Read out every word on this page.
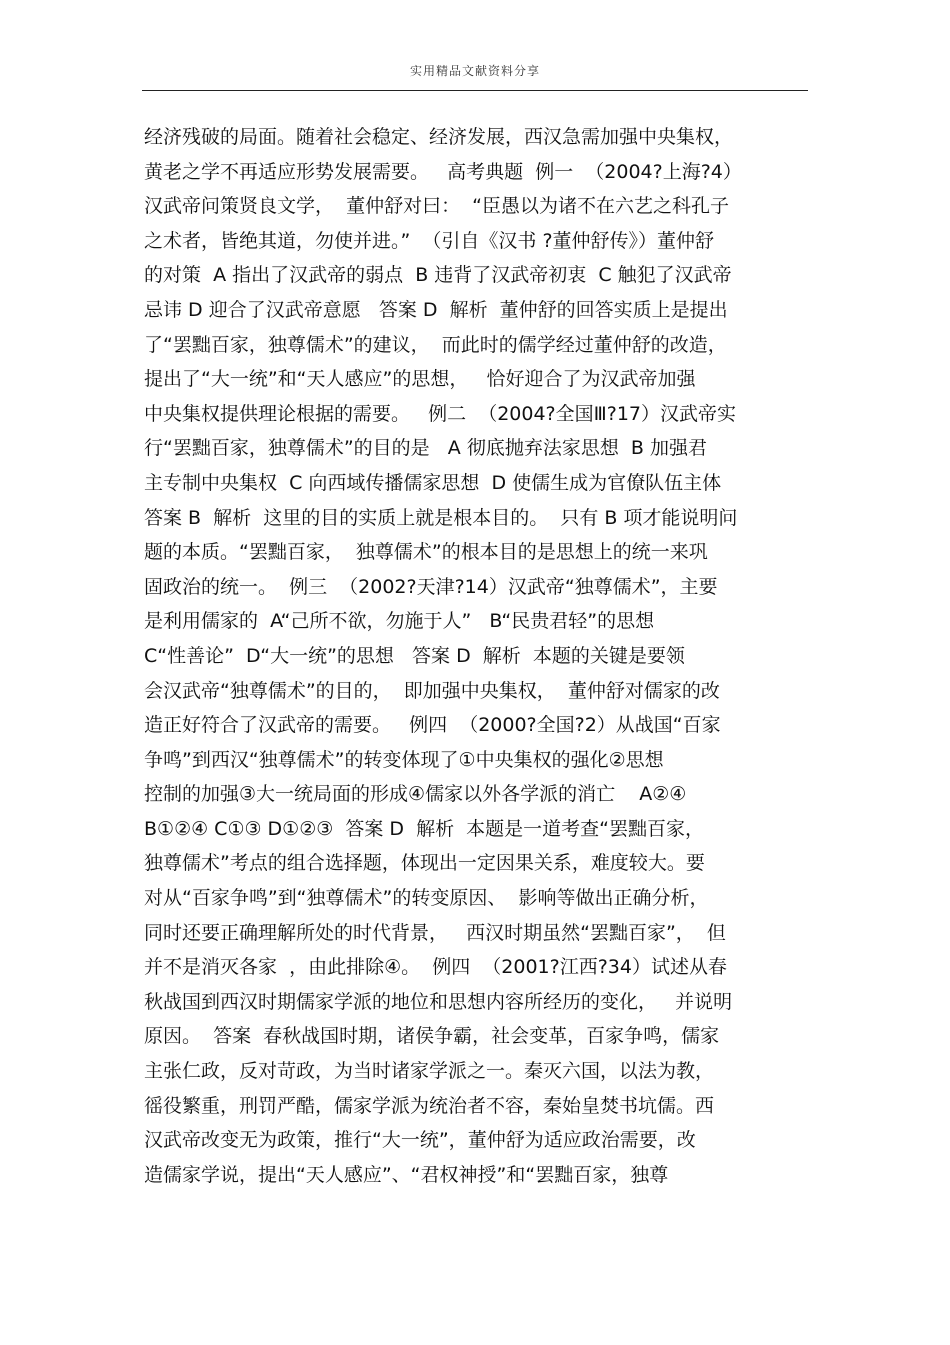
实用精品文献资料分享
经济残破的局面。随着社会稳定、经济发展，西汉急需加强中央集权，
黄老之学不再适应形势发展需要。   高考典题  例一  （2004?上海?4）
汉武帝问策贤良文学，  董仲舒对曰：  “臣愚以为诸不在六艺之科孔子
之术者，皆绝其道，勿使并进。”  （引自《汉书 ?董仲舒传》）董仲舒
的对策  A 指出了汉武帝的弱点  B 违背了汉武帝初衷  C 触犯了汉武帝
忌讳 D 迎合了汉武帝意愿   答案 D  解析  董仲舒的回答实质上是提出
了“罢黜百家，独尊儒术”的建议，  而此时的儒学经过董仲舒的改造，
提出了“大一统”和“天人感应”的思想，   恰好迎合了为汉武帝加强
中央集权提供理论根据的需要。   例二  （2004?全国Ⅲ?17）汉武帝实
行“罢黜百家，独尊儒术”的目的是   A 彻底抛弃法家思想  B 加强君
主专制中央集权  C 向西域传播儒家思想  D 使儒生成为官僚队伍主体
答案 B  解析  这里的目的实质上就是根本目的。  只有 B 项才能说明问
题的本质。“罢黜百家，  独尊儒术”的根本目的是思想上的统一来巩
固政治的统一。  例三  （2002?天津?14）汉武帝“独尊儒术”，主要
是利用儒家的  A“己所不欲，勿施于人”   B“民贵君轻”的思想
C“性善论”  D“大一统”的思想   答案 D  解析  本题的关键是要领
会汉武帝“独尊儒术”的目的，  即加强中央集权，  董仲舒对儒家的改
造正好符合了汉武帝的需要。   例四  （2000?全国?2）从战国“百家
争鸣”到西汉“独尊儒术”的转变体现了①中央集权的强化②思想
控制的加强③大一统局面的形成④儒家以外各学派的消亡    A②④
B①②④ C①③ D①②③  答案 D  解析  本题是一道考查“罢黜百家，
独尊儒术”考点的组合选择题，体现出一定因果关系，难度较大。要
对从“百家争鸣”到“独尊儒术”的转变原因、  影响等做出正确分析，
同时还要正确理解所处的时代背景，   西汉时期虽然“罢黜百家”，  但
并不是消灭各家  ，由此排除④。  例四  （2001?江西?34）试述从春
秋战国到西汉时期儒家学派的地位和思想内容所经历的变化，   并说明
原因。  答案  春秋战国时期，诸侯争霸，社会变革，百家争鸣，儒家
主张仁政，反对苛政，为当时诸家学派之一。秦灭六国，以法为教，
徭役繁重，刑罚严酷，儒家学派为统治者不容，秦始皇焚书坑儒。西
汉武帝改变无为政策，推行“大一统”，董仲舒为适应政治需要，改
造儒家学说，提出“天人感应”、“君权神授”和“罢黜百家，独尊
